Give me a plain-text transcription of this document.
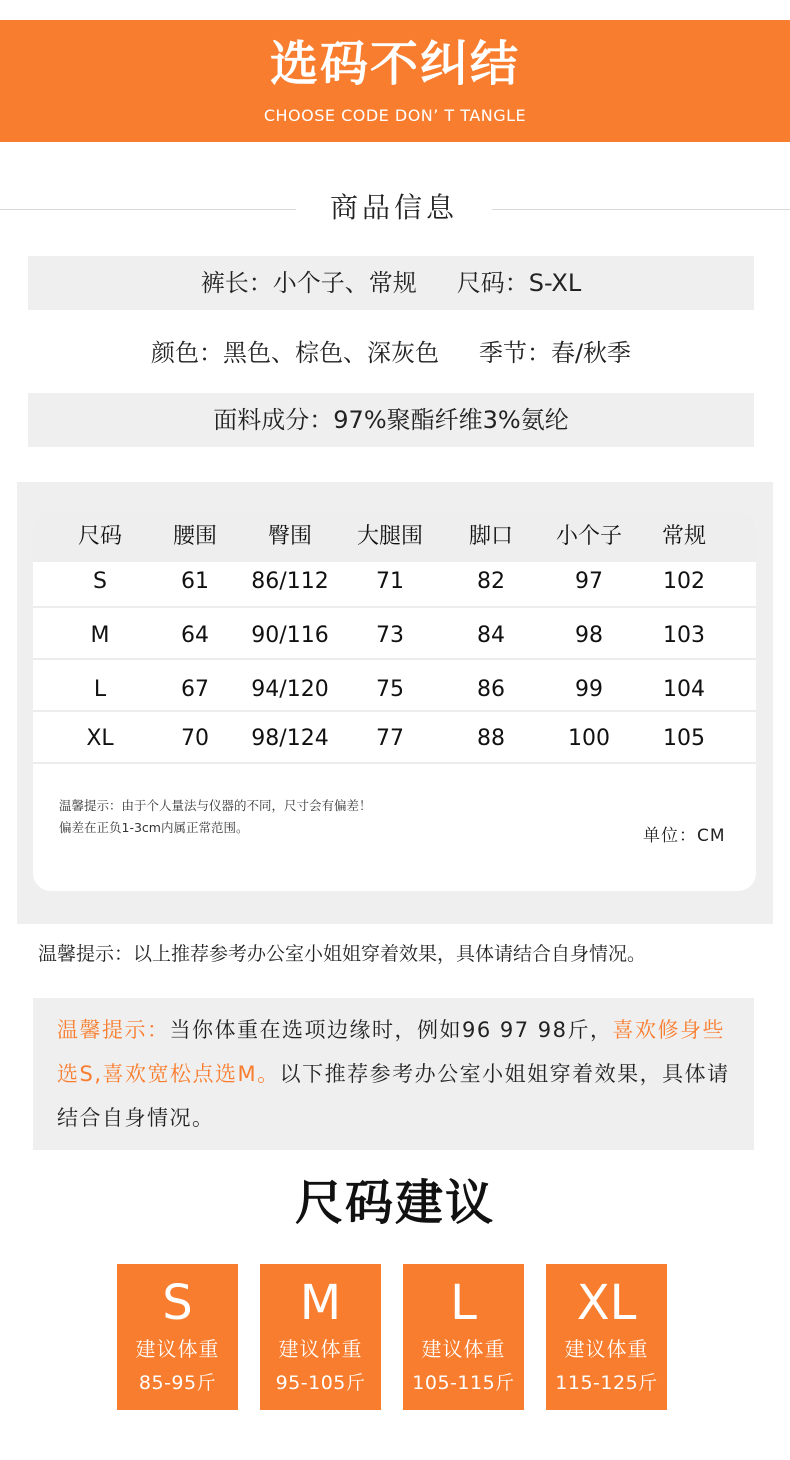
选码不纠结
CHOOSE CODE DON’ T TANGLE
商品信息
裤长：小个子、常规 尺码：S-XL
颜色：黑色、棕色、深灰色 季节：春/秋季
面料成分：97%聚酯纤维3%氨纶
尺码	腰围	臀围	大腿围	脚口	小个子	常规
S	61	86/112	71	82	97	102
M	64	90/116	73	84	98	103
L	67	94/120	75	86	99	104
XL	70	98/124	77	88	100	105
温馨提示：由于个人量法与仪器的不同，尺寸会有偏差！
偏差在正负1-3cm内属正常范围。	单位：CM
温馨提示：以上推荐参考办公室小姐姐穿着效果，具体请结合自身情况。
温馨提示：当你体重在选项边缘时，例如96 97 98斤，喜欢修身些选S,喜欢宽松点选M。以下推荐参考办公室小姐姐穿着效果，具体请结合自身情况。
尺码建议
S
建议体重
85-95斤
M
建议体重
95-105斤
L
建议体重
105-115斤
XL
建议体重
115-125斤
